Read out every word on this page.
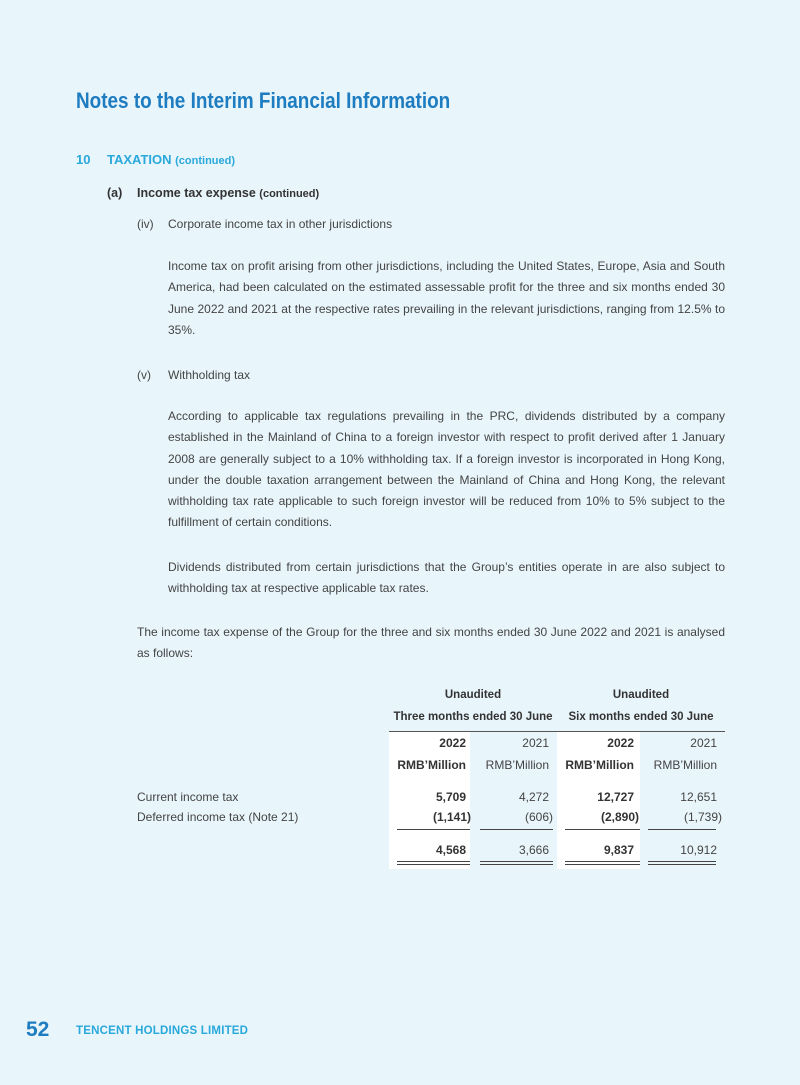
Notes to the Interim Financial Information
10 TAXATION (continued)
(a) Income tax expense (continued)
(iv) Corporate income tax in other jurisdictions

Income tax on profit arising from other jurisdictions, including the United States, Europe, Asia and South America, had been calculated on the estimated assessable profit for the three and six months ended 30 June 2022 and 2021 at the respective rates prevailing in the relevant jurisdictions, ranging from 12.5% to 35%.

(v) Withholding tax

According to applicable tax regulations prevailing in the PRC, dividends distributed by a company established in the Mainland of China to a foreign investor with respect to profit derived after 1 January 2008 are generally subject to a 10% withholding tax. If a foreign investor is incorporated in Hong Kong, under the double taxation arrangement between the Mainland of China and Hong Kong, the relevant withholding tax rate applicable to such foreign investor will be reduced from 10% to 5% subject to the fulfillment of certain conditions.

Dividends distributed from certain jurisdictions that the Group’s entities operate in are also subject to withholding tax at respective applicable tax rates.

The income tax expense of the Group for the three and six months ended 30 June 2022 and 2021 is analysed as follows:

Unaudited
Three months ended 30 June
Unaudited
Six months ended 30 June
2022	2021	2022	2021
RMB’Million	RMB’Million	RMB’Million	RMB’Million
Current income tax	5,709	4,272	12,727	12,651
Deferred income tax (Note 21)	(1,141)	(606)	(2,890)	(1,739)
4,568	3,666	9,837	10,912
52 TENCENT HOLDINGS LIMITED
